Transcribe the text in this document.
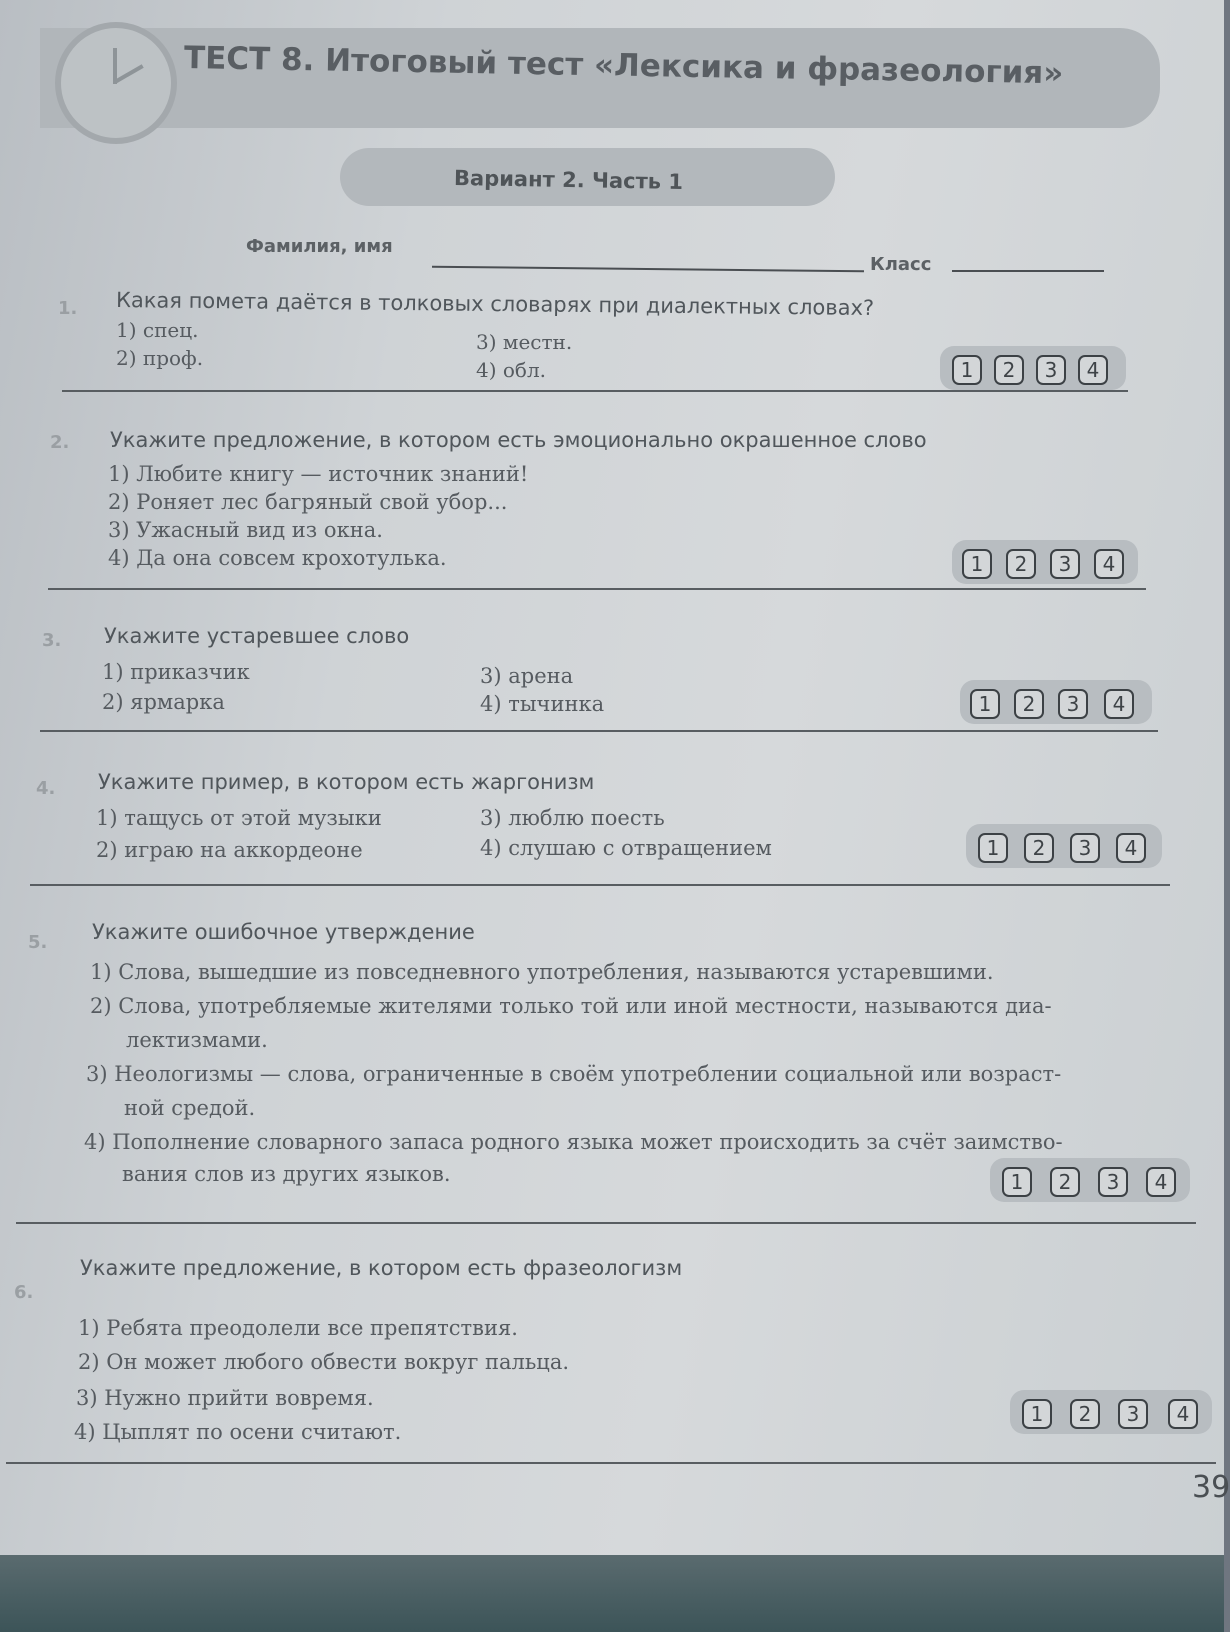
ТЕСТ 8. Итоговый тест «Лексика и фразеология»
Вариант 2. Часть 1
Фамилия, имя
Класс
1. Какая помета даётся в толковых словарях при диалектных словах?
1) спец.
2) проф.
3) местн.
4) обл.	1	2	3	4
2. Укажите предложение, в котором есть эмоционально окрашенное слово
1) Любите книгу — источник знаний!
2) Роняет лес багряный свой убор...
3) Ужасный вид из окна.
4) Да она совсем крохотулька.	1	2	3	4
3. Укажите устаревшее слово
1) приказчик
2) ярмарка
3) арена
4) тычинка	1	2	3	4
4. Укажите пример, в котором есть жаргонизм
1) тащусь от этой музыки
2) играю на аккордеоне
3) люблю поесть
4) слушаю с отвращением	1	2	3	4
5. Укажите ошибочное утверждение
1) Слова, вышедшие из повседневного употребления, называются устаревшими.
2) Слова, употребляемые жителями только той или иной местности, называются диа-
лектизмами.
3) Неологизмы — слова, ограниченные в своём употреблении социальной или возраст-
ной средой.
4) Пополнение словарного запаса родного языка может происходить за счёт заимство-
вания слов из других языков.	1	2	3	4
6.
Укажите предложение, в котором есть фразеологизм
1) Ребята преодолели все препятствия.
2) Он может любого обвести вокруг пальца.
3) Нужно прийти вовремя.
4) Цыплят по осени считают.
1	2	3	4
39
